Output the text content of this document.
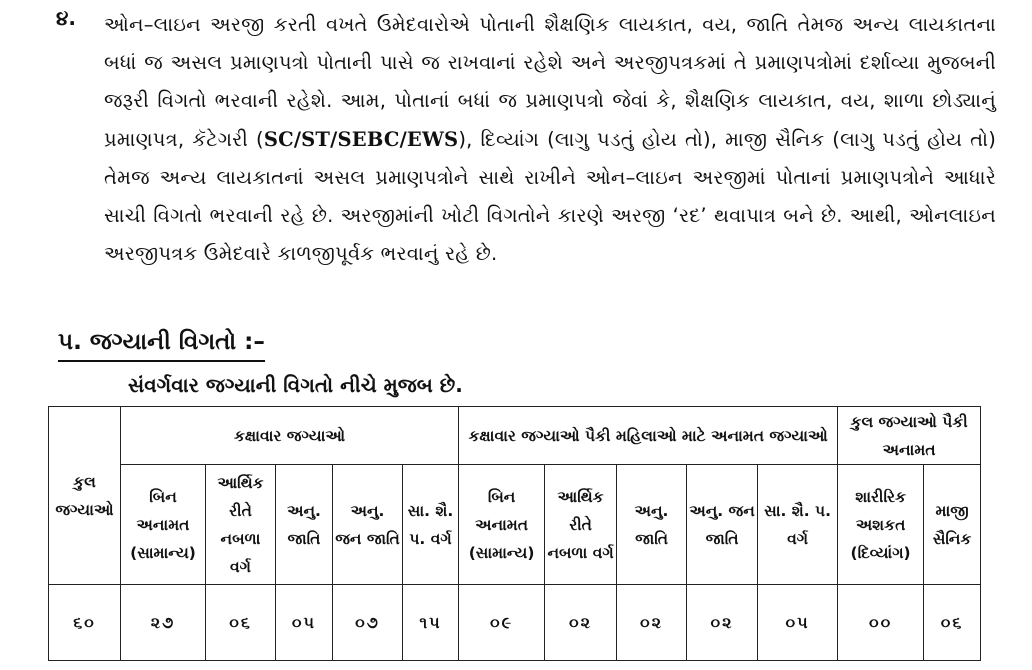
૪. ઓન–લાઇન અરજી કરતી વખતે ઉમેદવારોએ પોતાની શૈક્ષણિક લાયકાત, વય, જાતિ તેમજ અન્ય લાયકાતના બધાં જ અસલ પ્રમાણપત્રો પોતાની પાસે જ રાખવાનાં રહેશે અને અરજીપત્રકમાં તે પ્રમાણપત્રોમાં દર્શાવ્યા મુજબની જરૂરી વિગતો ભરવાની રહેશે. આમ, પોતાનાં બધાં જ પ્રમાણપત્રો જેવાં કે, શૈક્ષણિક લાયકાત, વય, શાળા છોડ્યાનું પ્રમાણપત્ર, કૅટેગરી (SC/ST/SEBC/EWS), દિવ્યાંગ (લાગુ પડતું હોય તો), માજી સૈનિક (લાગુ પડતું હોય તો) તેમજ અન્ય લાયકાતનાં અસલ પ્રમાણપત્રોને સાથે રાખીને ઓન–લાઇન અરજીમાં પોતાનાં પ્રમાણપત્રોને આધારે સાચી વિગતો ભરવાની રહે છે. અરજીમાંની ખોટી વિગતોને કારણે અરજી ‘રદ’ થવાપાત્ર બને છે. આથી, ઓનલાઇન અરજીપત્રક ઉમેદવારે કાળજીપૂર્વક ભરવાનું રહે છે.

૫. જગ્યાની વિગતો :–
સંવર્ગવાર જગ્યાની વિગતો નીચે મુજબ છે.
કુલ જગ્યાઓ	કક્ષાવાર જગ્યાઓ					કક્ષાવાર જગ્યાઓ પૈકી મહિલાઓ માટે અનામત જગ્યાઓ					કુલ જગ્યાઓ પૈકી અનામત	
	બિન અનામત (સામાન્ય)	આર્થિક રીતે નબળા વર્ગ	અનુ. જાતિ	અનુ. જન જાતિ	સા. શૈ. પ. વર્ગ	બિન અનામત (સામાન્ય)	આર્થિક રીતે નબળા વર્ગ	અનુ. જાતિ	અનુ. જન જાતિ	સા. શૈ. પ. વર્ગ	શારીરિક અશકત (દિવ્યાંગ)	માજી સૈનિક
૬૦	૨૭	૦૬	૦૫	૦૭	૧૫	૦૯	૦૨	૦૨	૦૨	૦૫	૦૦	૦૬
